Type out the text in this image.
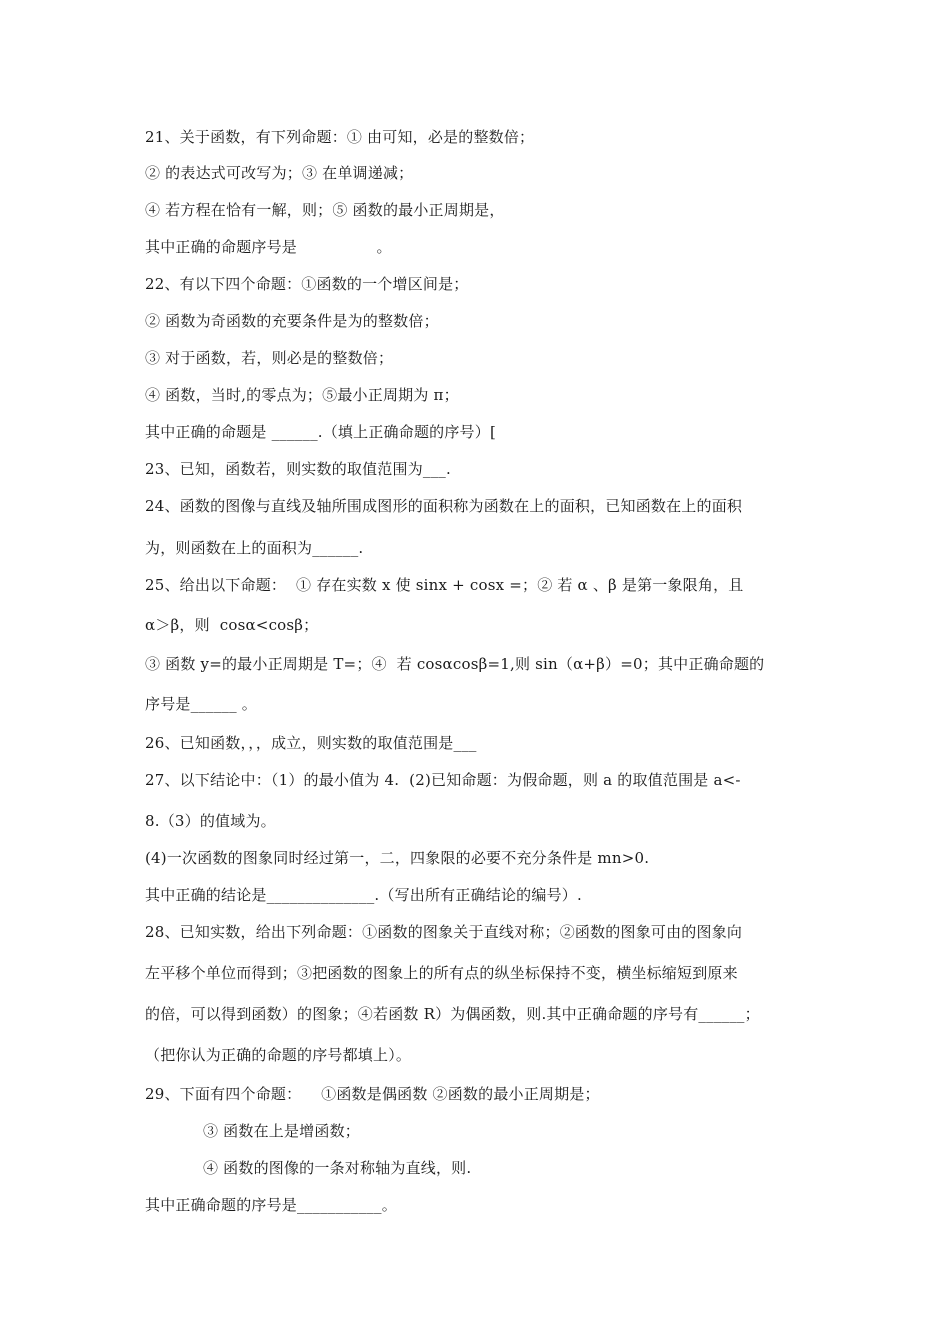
21、关于函数，有下列命题：① 由可知，必是的整数倍；
② 的表达式可改写为；③ 在单调递减；
④ 若方程在恰有一解，则；⑤ 函数的最小正周期是，
其中正确的命题序号是                。
22、有以下四个命题：①函数的一个增区间是；
② 函数为奇函数的充要条件是为的整数倍；
③ 对于函数，若，则必是的整数倍；
④ 函数，当时,的零点为；⑤最小正周期为 π；
其中正确的命题是 ______.（填上正确命题的序号）[
23、已知，函数若，则实数的取值范围为___.
24、函数的图像与直线及轴所围成图形的面积称为函数在上的面积，已知函数在上的面积
为，则函数在上的面积为______.
25、给出以下命题：  ① 存在实数 x 使 sinx + cosx =；② 若 α 、β 是第一象限角，且
α＞β，则  cosα<cosβ；
③ 函数 y=的最小正周期是 T=；④  若 cosαcosβ=1,则 sin（α+β）=0；其中正确命题的
序号是______ 。
26、已知函数，，，成立，则实数的取值范围是___
27、以下结论中：（1）的最小值为 4.  (2)已知命题：为假命题，则 a 的取值范围是 a<-
8.（3）的值域为。
(4)一次函数的图象同时经过第一，二，四象限的必要不充分条件是 mn>0.
其中正确的结论是______________.（写出所有正确结论的编号）.
28、已知实数，给出下列命题：①函数的图象关于直线对称；②函数的图象可由的图象向
左平移个单位而得到；③把函数的图象上的所有点的纵坐标保持不变，横坐标缩短到原来
的倍，可以得到函数）的图象；④若函数 R）为偶函数，则.其中正确命题的序号有______；
（把你认为正确的命题的序号都填上）。
29、下面有四个命题：    ①函数是偶函数 ②函数的最小正周期是；
③ 函数在上是增函数；
④ 函数的图像的一条对称轴为直线，则.
其中正确命题的序号是___________。
